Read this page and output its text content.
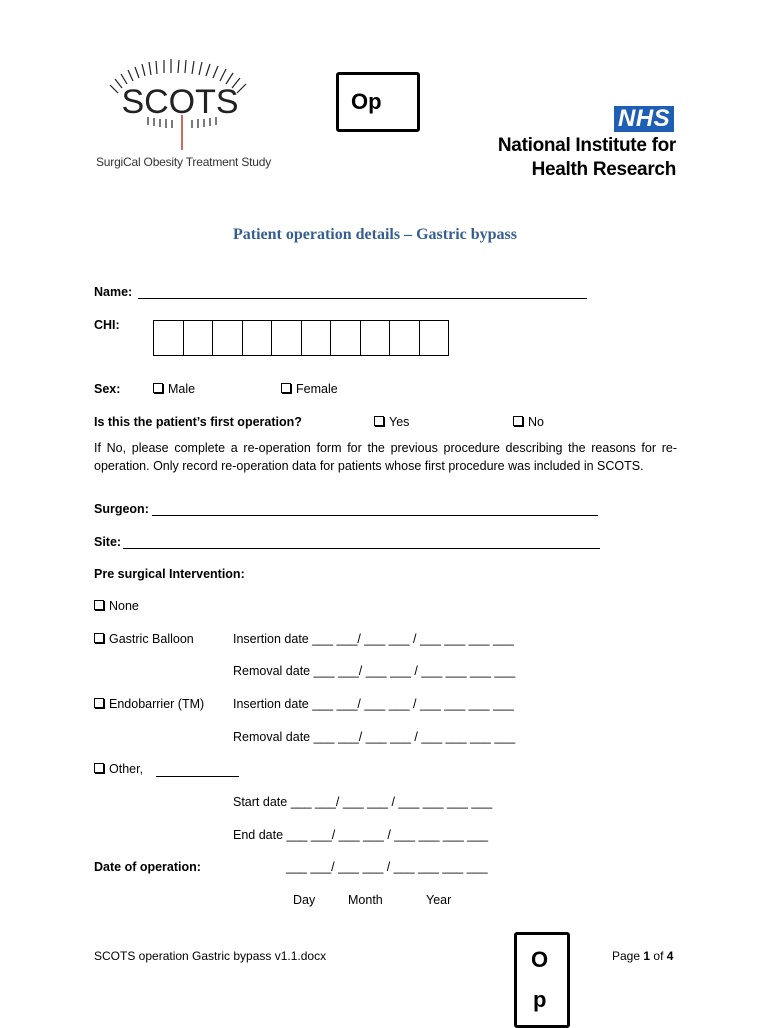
SCOTS
SurgiCal Obesity Treatment Study
Op
NHS
National Institute for
Health Research
Patient operation details – Gastric bypass
Name:
CHI:
Sex:	Male	Female
Is this the patient’s first operation?	Yes	No
If No, please complete a re-operation form for the previous procedure describing the reasons for re-operation. Only record re-operation data for patients whose first procedure was included in SCOTS.
Surgeon:
Site:
Pre surgical Intervention:
None
Gastric Balloon	Insertion date ___ ___/ ___ ___ / ___ ___ ___ ___
Removal date ___ ___/ ___ ___ / ___ ___ ___ ___
Endobarrier (TM) Insertion date ___ ___/ ___ ___ / ___ ___ ___ ___
Removal date ___ ___/ ___ ___ / ___ ___ ___ ___
Other,
Start date ___ ___/ ___ ___ / ___ ___ ___ ___
End date ___ ___/ ___ ___ / ___ ___ ___ ___
Date of operation:	___ ___/ ___ ___ / ___ ___ ___ ___
Day	Month	Year
SCOTS operation Gastric bypass v1.1.docx	O
p
Page 1 of 4
